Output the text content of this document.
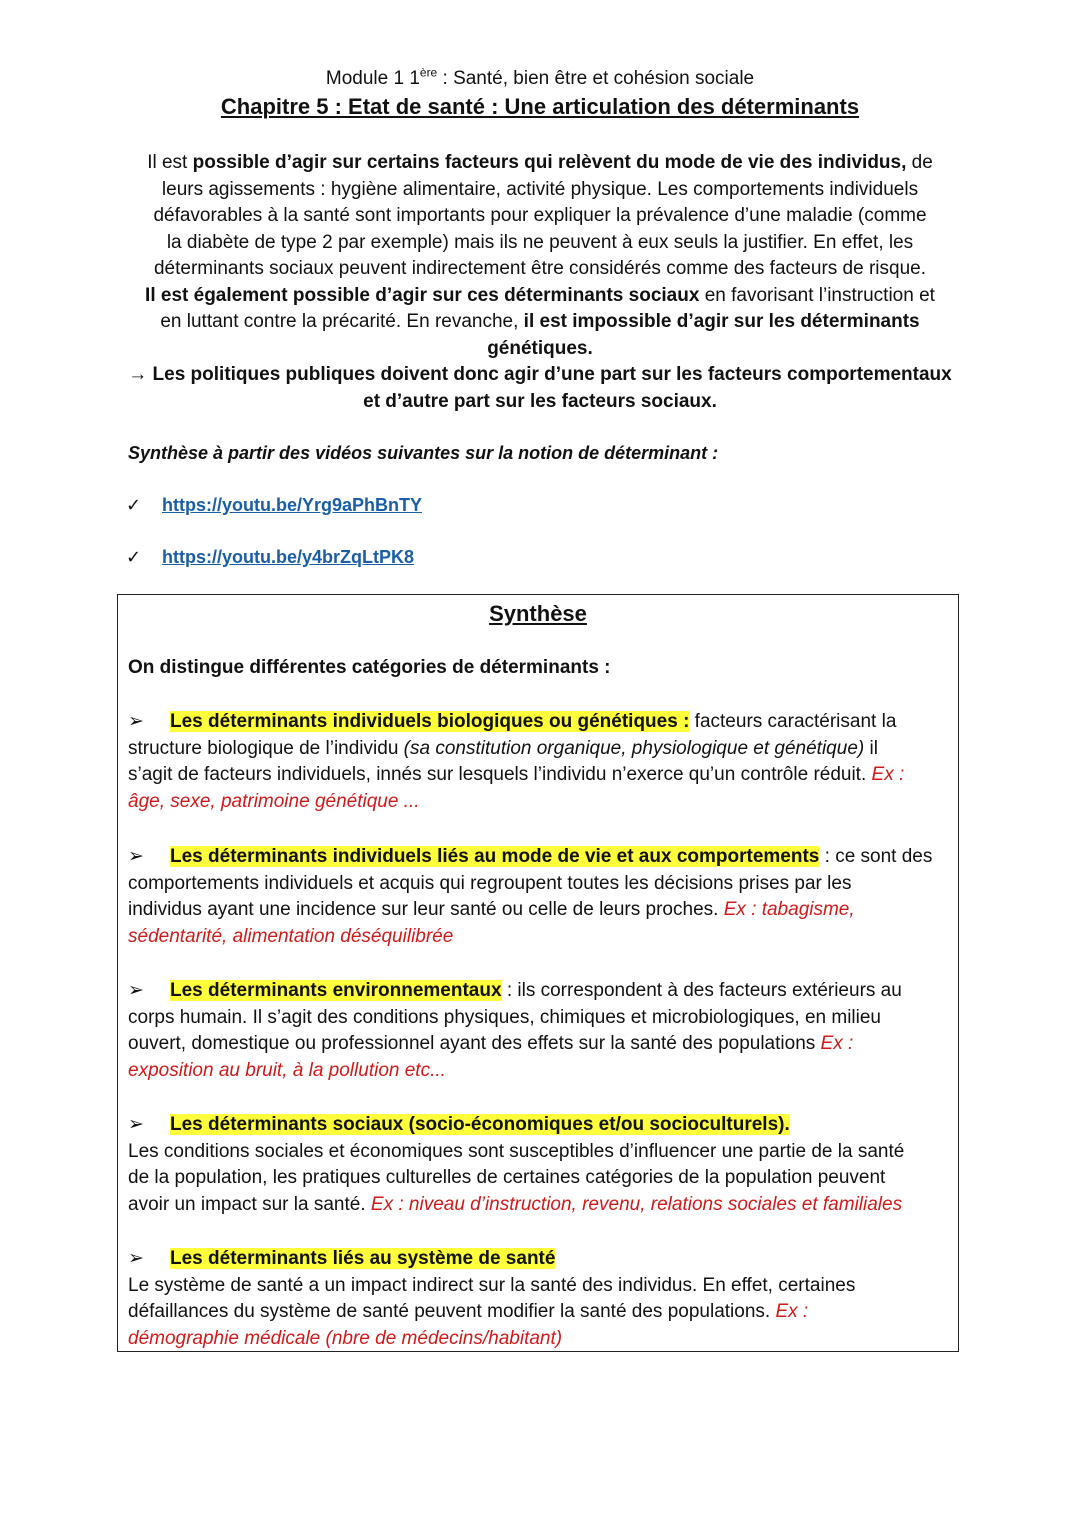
Module 1 1ère : Santé, bien être et cohésion sociale
Chapitre 5 : Etat de santé : Une articulation des déterminants
Il est possible d’agir sur certains facteurs qui relèvent du mode de vie des individus, de
leurs agissements : hygiène alimentaire, activité physique. Les comportements individuels
défavorables à la santé sont importants pour expliquer la prévalence d’une maladie (comme
la diabète de type 2 par exemple) mais ils ne peuvent à eux seuls la justifier. En effet, les
déterminants sociaux peuvent indirectement être considérés comme des facteurs de risque.
Il est également possible d’agir sur ces déterminants sociaux en favorisant l’instruction et
en luttant contre la précarité. En revanche, il est impossible d’agir sur les déterminants
génétiques.
→ Les politiques publiques doivent donc agir d’une part sur les facteurs comportementaux
et d’autre part sur les facteurs sociaux.
Synthèse à partir des vidéos suivantes sur la notion de déterminant :
✓ https://youtu.be/Yrg9aPhBnTY
✓ https://youtu.be/y4brZqLtPK8
Synthèse
On distingue différentes catégories de déterminants :
➢ Les déterminants individuels biologiques ou génétiques : facteurs caractérisant la
structure biologique de l’individu (sa constitution organique, physiologique et génétique) il
s’agit de facteurs individuels, innés sur lesquels l’individu n’exerce qu’un contrôle réduit. Ex :
âge, sexe, patrimoine génétique ...
➢ Les déterminants individuels liés au mode de vie et aux comportements : ce sont des
comportements individuels et acquis qui regroupent toutes les décisions prises par les
individus ayant une incidence sur leur santé ou celle de leurs proches. Ex : tabagisme,
sédentarité, alimentation déséquilibrée
➢ Les déterminants environnementaux : ils correspondent à des facteurs extérieurs au
corps humain. Il s’agit des conditions physiques, chimiques et microbiologiques, en milieu
ouvert, domestique ou professionnel ayant des effets sur la santé des populations Ex :
exposition au bruit, à la pollution etc...
➢ Les déterminants sociaux (socio-économiques et/ou socioculturels).
Les conditions sociales et économiques sont susceptibles d’influencer une partie de la santé
de la population, les pratiques culturelles de certaines catégories de la population peuvent
avoir un impact sur la santé. Ex : niveau d’instruction, revenu, relations sociales et familiales
➢ Les déterminants liés au système de santé
Le système de santé a un impact indirect sur la santé des individus. En effet, certaines
défaillances du système de santé peuvent modifier la santé des populations. Ex :
démographie médicale (nbre de médecins/habitant)
